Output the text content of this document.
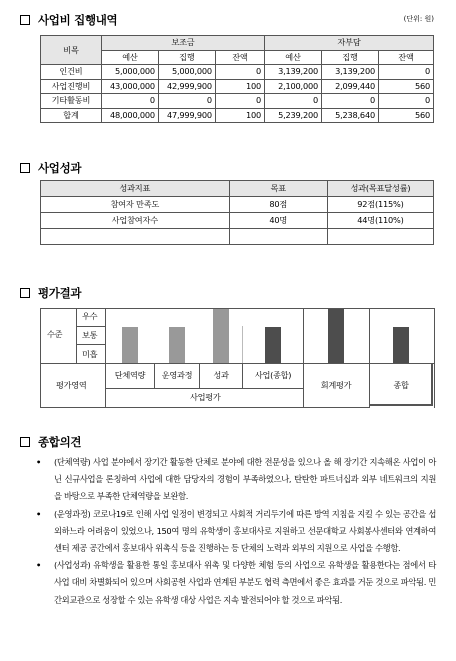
사업비 집행내역	(단위: 원)
비목	보조금			자부담		
	예산	집행	잔액	예산	집행	잔액
인건비	5,000,000	5,000,000	0	3,139,200	3,139,200	0
사업진행비	43,000,000	42,999,900	100	2,100,000	2,099,440	560
기타활동비	0	0	0	0	0	0
합계	48,000,000	47,999,900	100	5,239,200	5,238,640	560
사업성과
성과지표	목표	성과(목표달성률)
참여자 만족도	80점	92점(115%)
사업참여자수	40명	44명(110%)

평가결과
수준
우수
보통
미흡
평가영역
사업평가
단체역량 운영과정	성과	사업(종합)
회계평가	종합
종합의견
• (단체역량) 사업 분야에서 장기간 활동한 단체로 분야에 대한 전문성을 있으나 올 해 장기간 지속해온 사업이 아닌 신규사업을 론칭하여 사업에 대한 담당자의 경험이 부족하였으나, 탄탄한 파트너십과 외부 네트워크의 지원을 바탕으로 부족한 단체역량을 보완함.
• (운영과정) 코로나19로 인해 사업 일정이 변경되고 사회적 거리두기에 따른 방역 지침을 지킬 수 있는 공간을 섭외하느라 어려움이 있었으나, 150여 명의 유학생이 홍보대사로 지원하고 선문대학교 사회봉사센터와 연계하여 센터 제공 공간에서 홍보대사 위촉식 등을 진행하는 등 단체의 노력과 외부의 지원으로 사업을 수행함.
• (사업성과) 유학생을 활용한 통일 홍보대사 위촉 및 다양한 체험 등의 사업으로 유학생을 활용한다는 점에서 타사업 대비 차별화되어 있으며 사회공헌 사업과 연계된 부분도 협력 측면에서 좋은 효과를 거둔 것으로 파악됨. 민간외교관으로 성장할 수 있는 유학생 대상 사업은 지속 발전되어야 할 것으로 파악됨.
